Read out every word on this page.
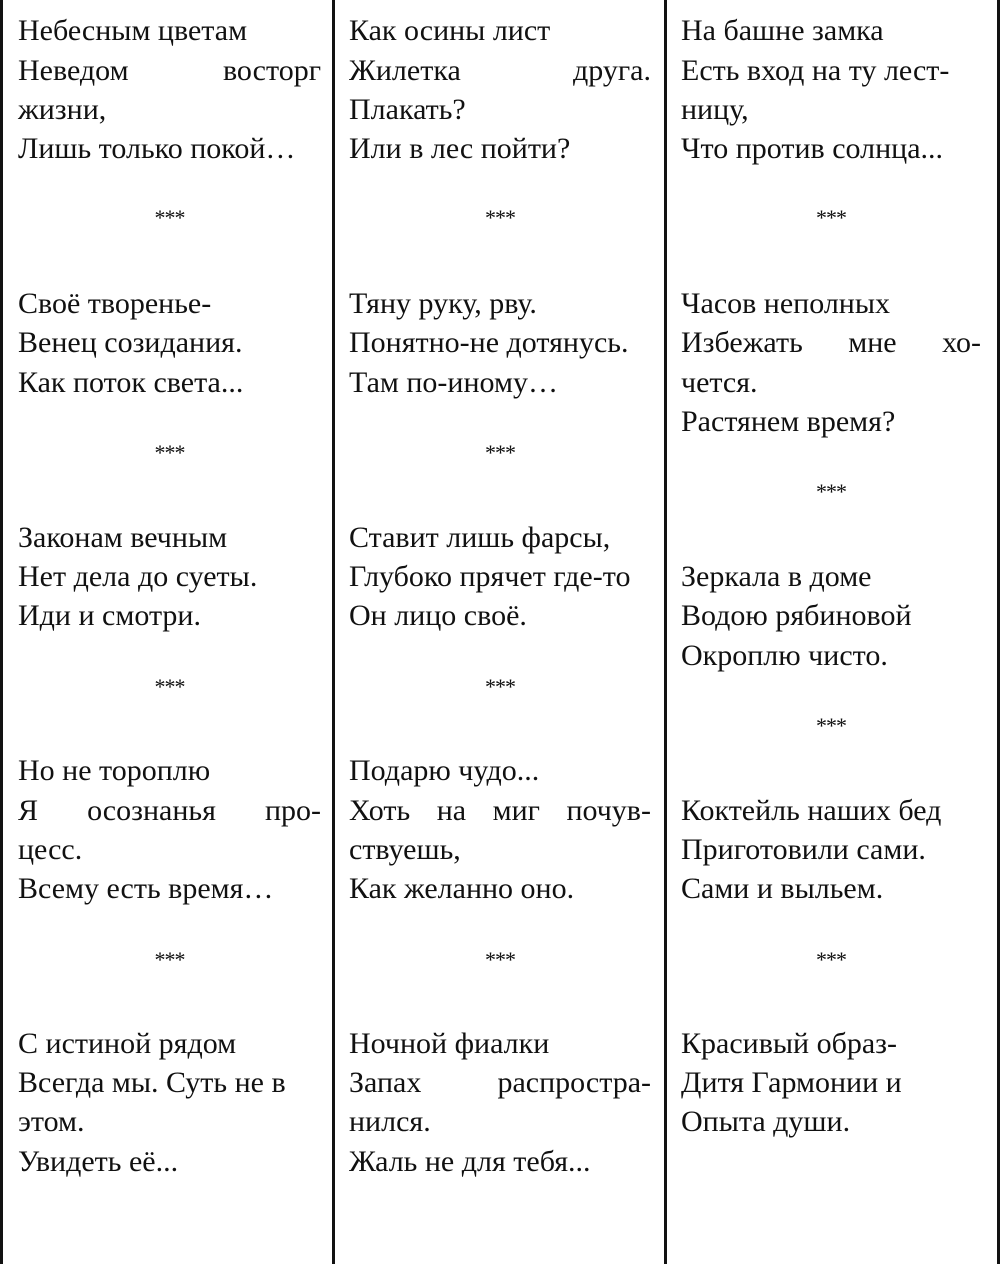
Небесным цветам
Неведом	восторг
жизни,
Лишь только покой…
***
Своё творенье-
Венец созидания.
Как поток света...
***
Законам вечным
Нет дела до суеты.
Иди и смотри.
***
Но не тороплю
Я осознанья про-
цесс.
Всему есть время…
***
С истиной рядом
Всегда мы. Суть не в
этом.
Увидеть её...
Как осины лист
Жилетка	друга.
Плакать?
Или в лес пойти?
***
Тяну руку, рву.
Понятно-не дотянусь.
Там по-иному…
***
Ставит лишь фарсы,
Глубоко прячет где-то
Он лицо своё.
***
Подарю чудо...
Хоть на миг почув-
ствуешь,
Как желанно оно.
***
Ночной фиалки
Запах	распростра-
нился.
Жаль не для тебя...
На башне замка
Есть вход на ту лест-
ницу,
Что против солнца...
***
Часов неполных
Избежать мне хо-
чется.
Растянем время?
***
Зеркала в доме
Водою рябиновой
Окроплю чисто.
***
Коктейль наших бед
Приготовили сами.
Сами и выльем.
***
Красивый образ-
Дитя Гармонии и
Опыта души.
